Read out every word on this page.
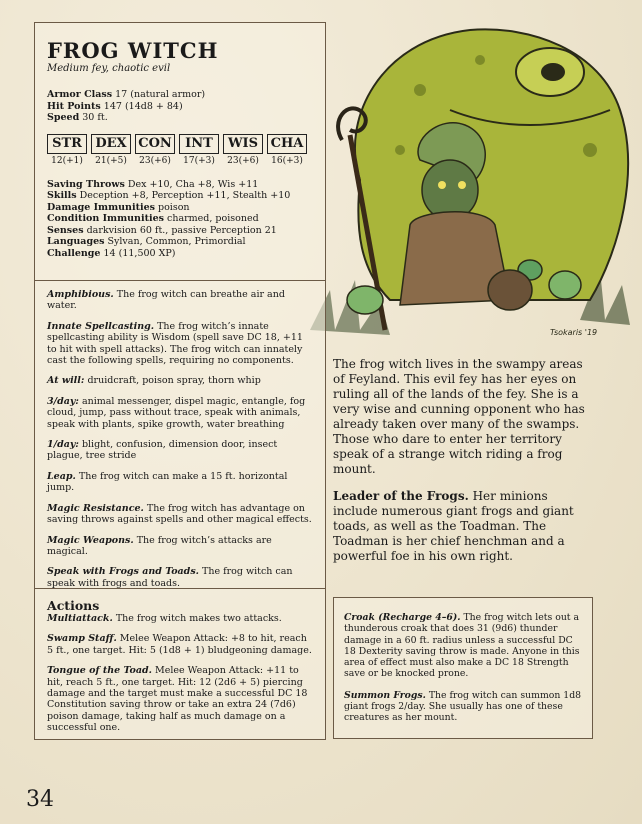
Tsokaris '19
FROG WITCH

Medium fey, chaotic evil

Armor Class 17 (natural armor)

Hit Points 147 (14d8 + 84)

Speed 30 ft.

STR
12(+1)
DEX
21(+5)
CON
23(+6)
INT
17(+3)
WIS
23(+6)
CHA
16(+3)

Saving Throws Dex +10, Cha +8, Wis +11

Skills Deception +8, Perception +11, Stealth +10

Damage Immunities poison

Condition Immunities charmed, poisoned

Senses darkvision 60 ft., passive Perception 21

Languages Sylvan, Common, Primordial

Challenge 14 (11,500 XP)

Amphibious. The frog witch can breathe air and water.

Innate Spellcasting. The frog witch’s innate spellcasting ability is Wisdom (spell save DC 18, +11 to hit with spell attacks). The frog witch can innately cast the following spells, requiring no components.

At will: druidcraft, poison spray, thorn whip

3/day: animal messenger, dispel magic, entangle, fog cloud, jump, pass without trace, speak with animals, speak with plants, spike growth, water breathing

1/day: blight, confusion, dimension door, insect plague, tree stride

Leap. The frog witch can make a 15 ft. horizontal jump.

Magic Resistance. The frog witch has advantage on saving throws against spells and other magical effects.

Magic Weapons. The frog witch’s attacks are magical.

Speak with Frogs and Toads. The frog witch can speak with frogs and toads.

Actions

Multiattack. The frog witch makes two attacks.

Swamp Staff. Melee Weapon Attack: +8 to hit, reach 5 ft., one target. Hit: 5 (1d8 + 1) bludgeoning damage.

Tongue of the Toad. Melee Weapon Attack: +11 to hit, reach 5 ft., one target. Hit: 12 (2d6 + 5) piercing damage and the target must make a successful DC 18 Constitution saving throw or take an extra 24 (7d6) poison damage, taking half as much damage on a successful one.

The frog witch lives in the swampy areas of Feyland. This evil fey has her eyes on ruling all of the lands of the fey. She is a very wise and cunning opponent who has already taken over many of the swamps. Those who dare to enter her territory speak of a strange witch riding a frog mount.

Leader of the Frogs. Her minions include numerous giant frogs and giant toads, as well as the Toadman. The Toadman is her chief henchman and a powerful foe in his own right.

Croak (Recharge 4–6). The frog witch lets out a thunderous croak that does 31 (9d6) thunder damage in a 60 ft. radius unless a successful DC 18 Dexterity saving throw is made. Anyone in this area of effect must also make a DC 18 Strength save or be knocked prone.

Summon Frogs. The frog witch can summon 1d8 giant frogs 2/day. She usually has one of these creatures as her mount.

34
